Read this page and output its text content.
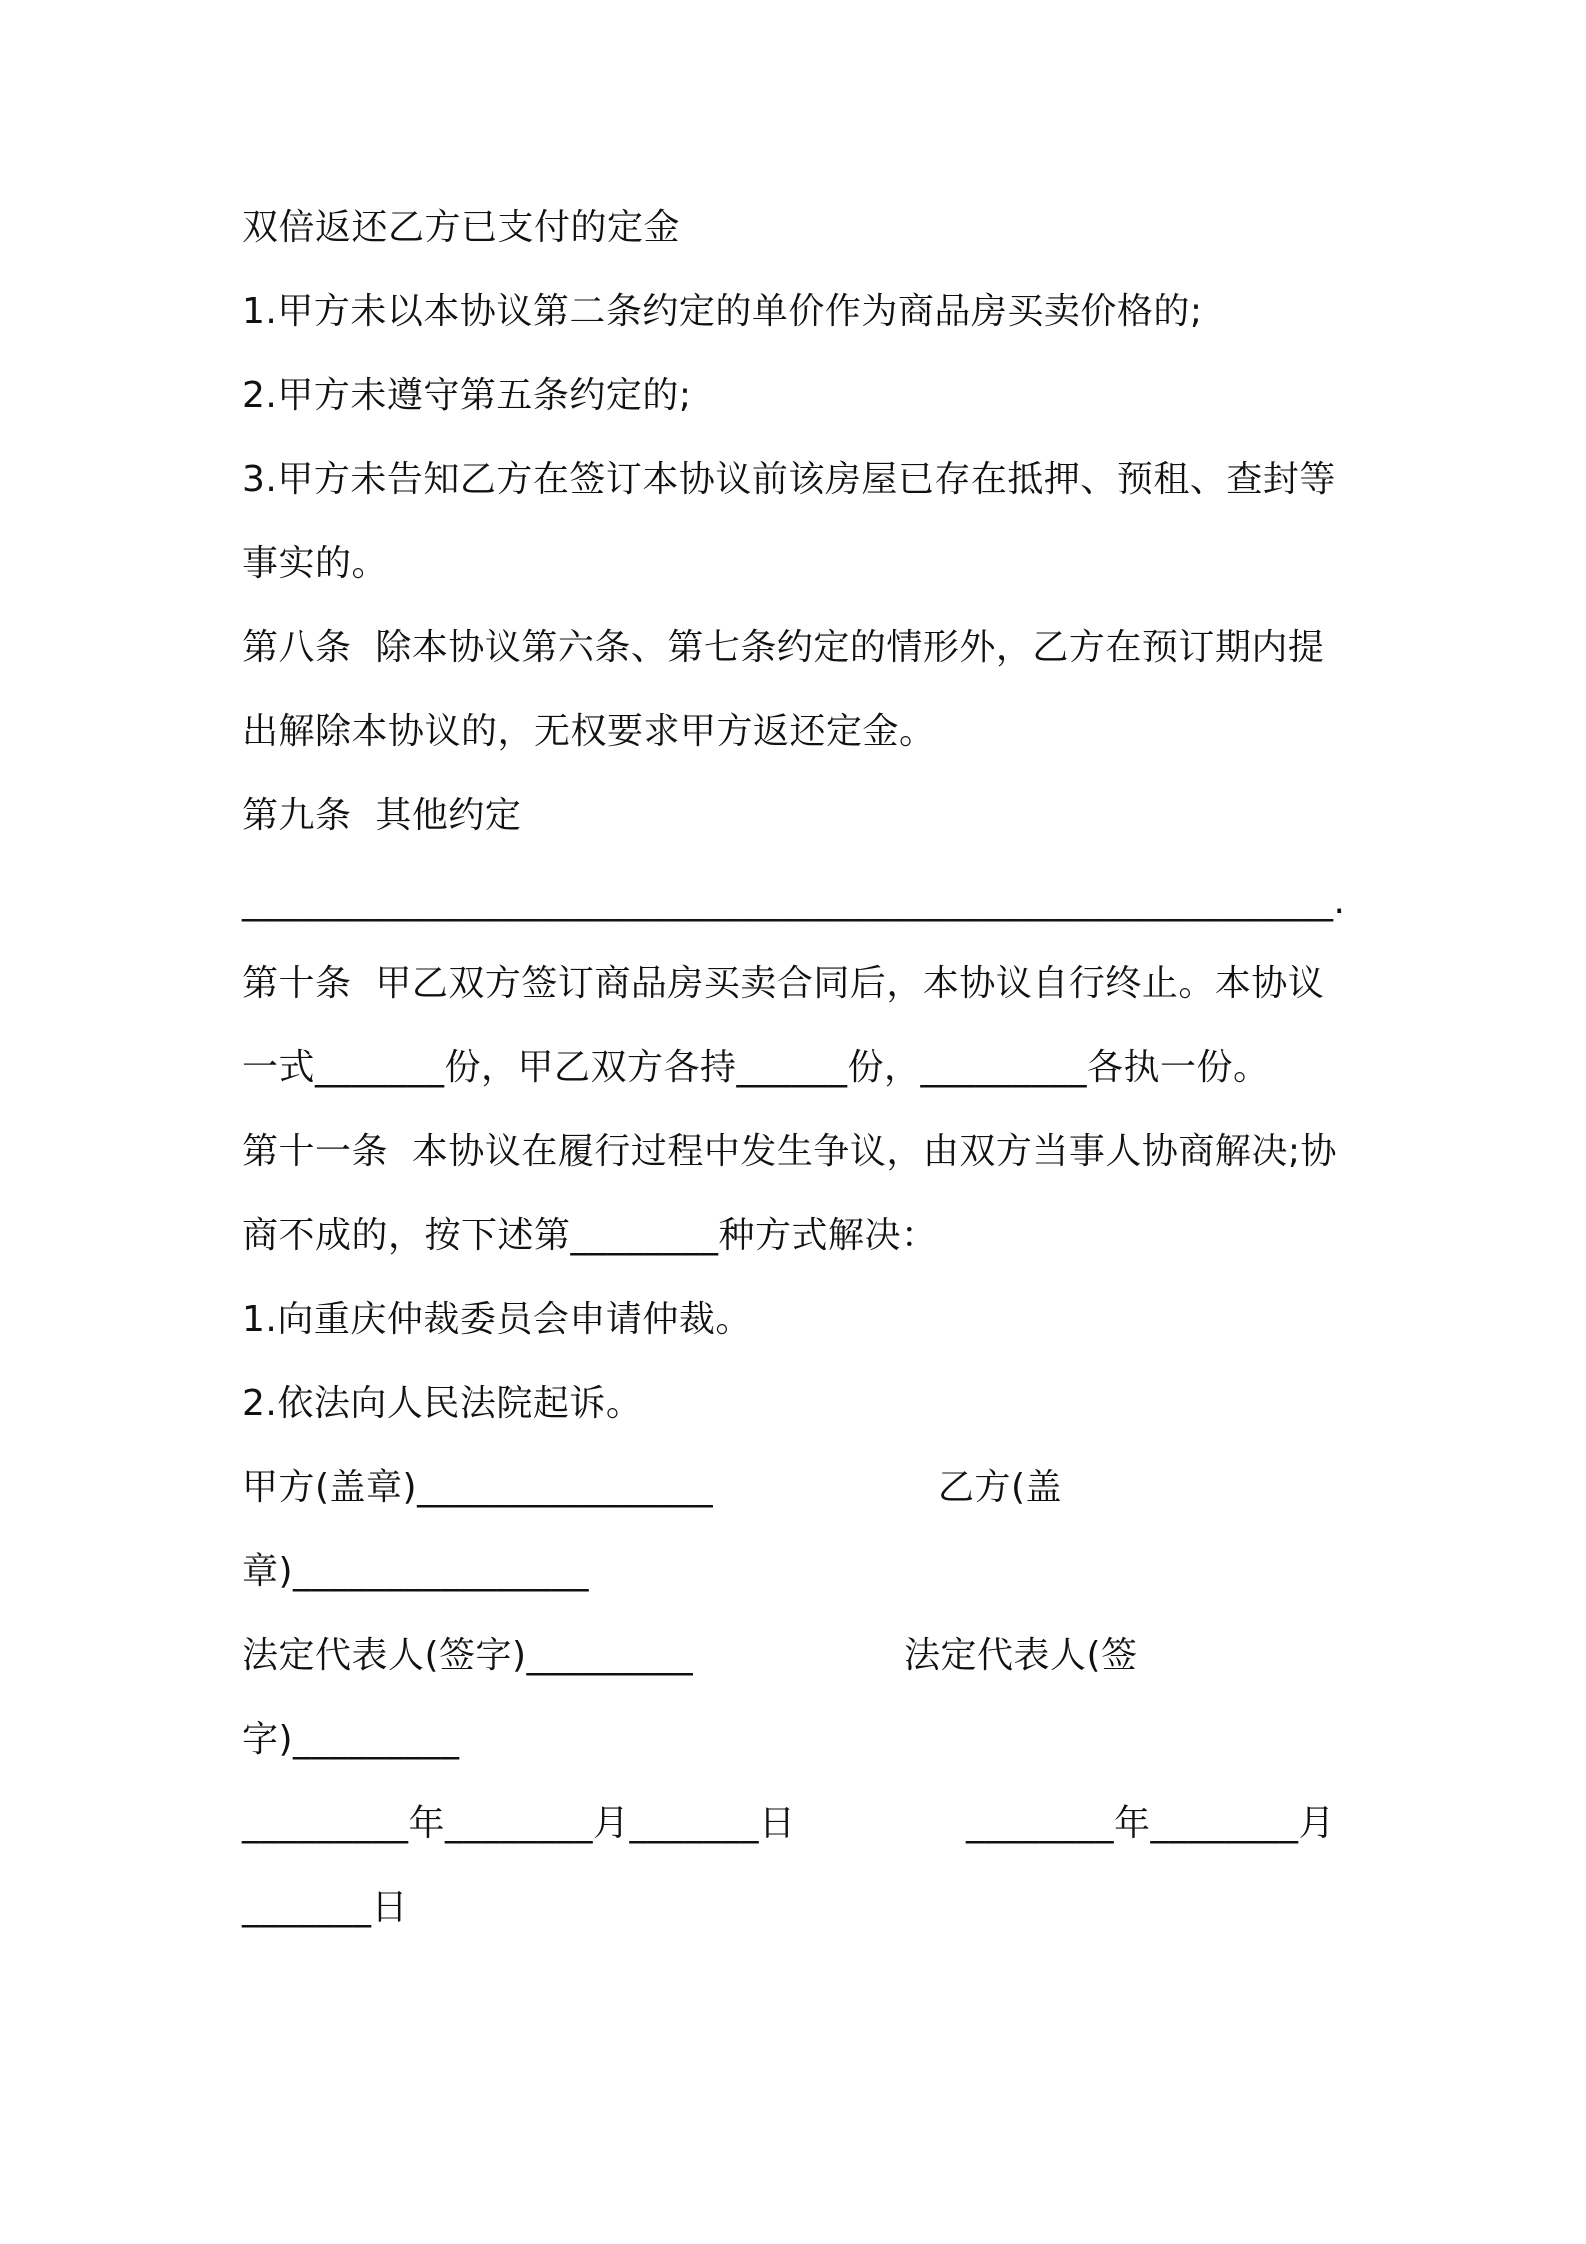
双倍返还乙方已支付的定金
1.甲方未以本协议第二条约定的单价作为商品房买卖价格的;
2.甲方未遵守第五条约定的;
3.甲方未告知乙方在签订本协议前该房屋已存在抵押、预租、查封等
事实的。
第八条  除本协议第六条、第七条约定的情形外，乙方在预订期内提
出解除本协议的，无权要求甲方返还定金。
第九条  其他约定
___________________________________________________________.
第十条  甲乙双方签订商品房买卖合同后，本协议自行终止。本协议
一式_______份，甲乙双方各持______份，_________各执一份。
第十一条  本协议在履行过程中发生争议，由双方当事人协商解决;协
商不成的，按下述第________种方式解决：
1.向重庆仲裁委员会申请仲裁。
2.依法向人民法院起诉。
甲方(盖章)________________	乙方(盖
章)________________
法定代表人(签字)_________	法定代表人(签
字)_________
_________年________月_______日	________年________月
_______日
